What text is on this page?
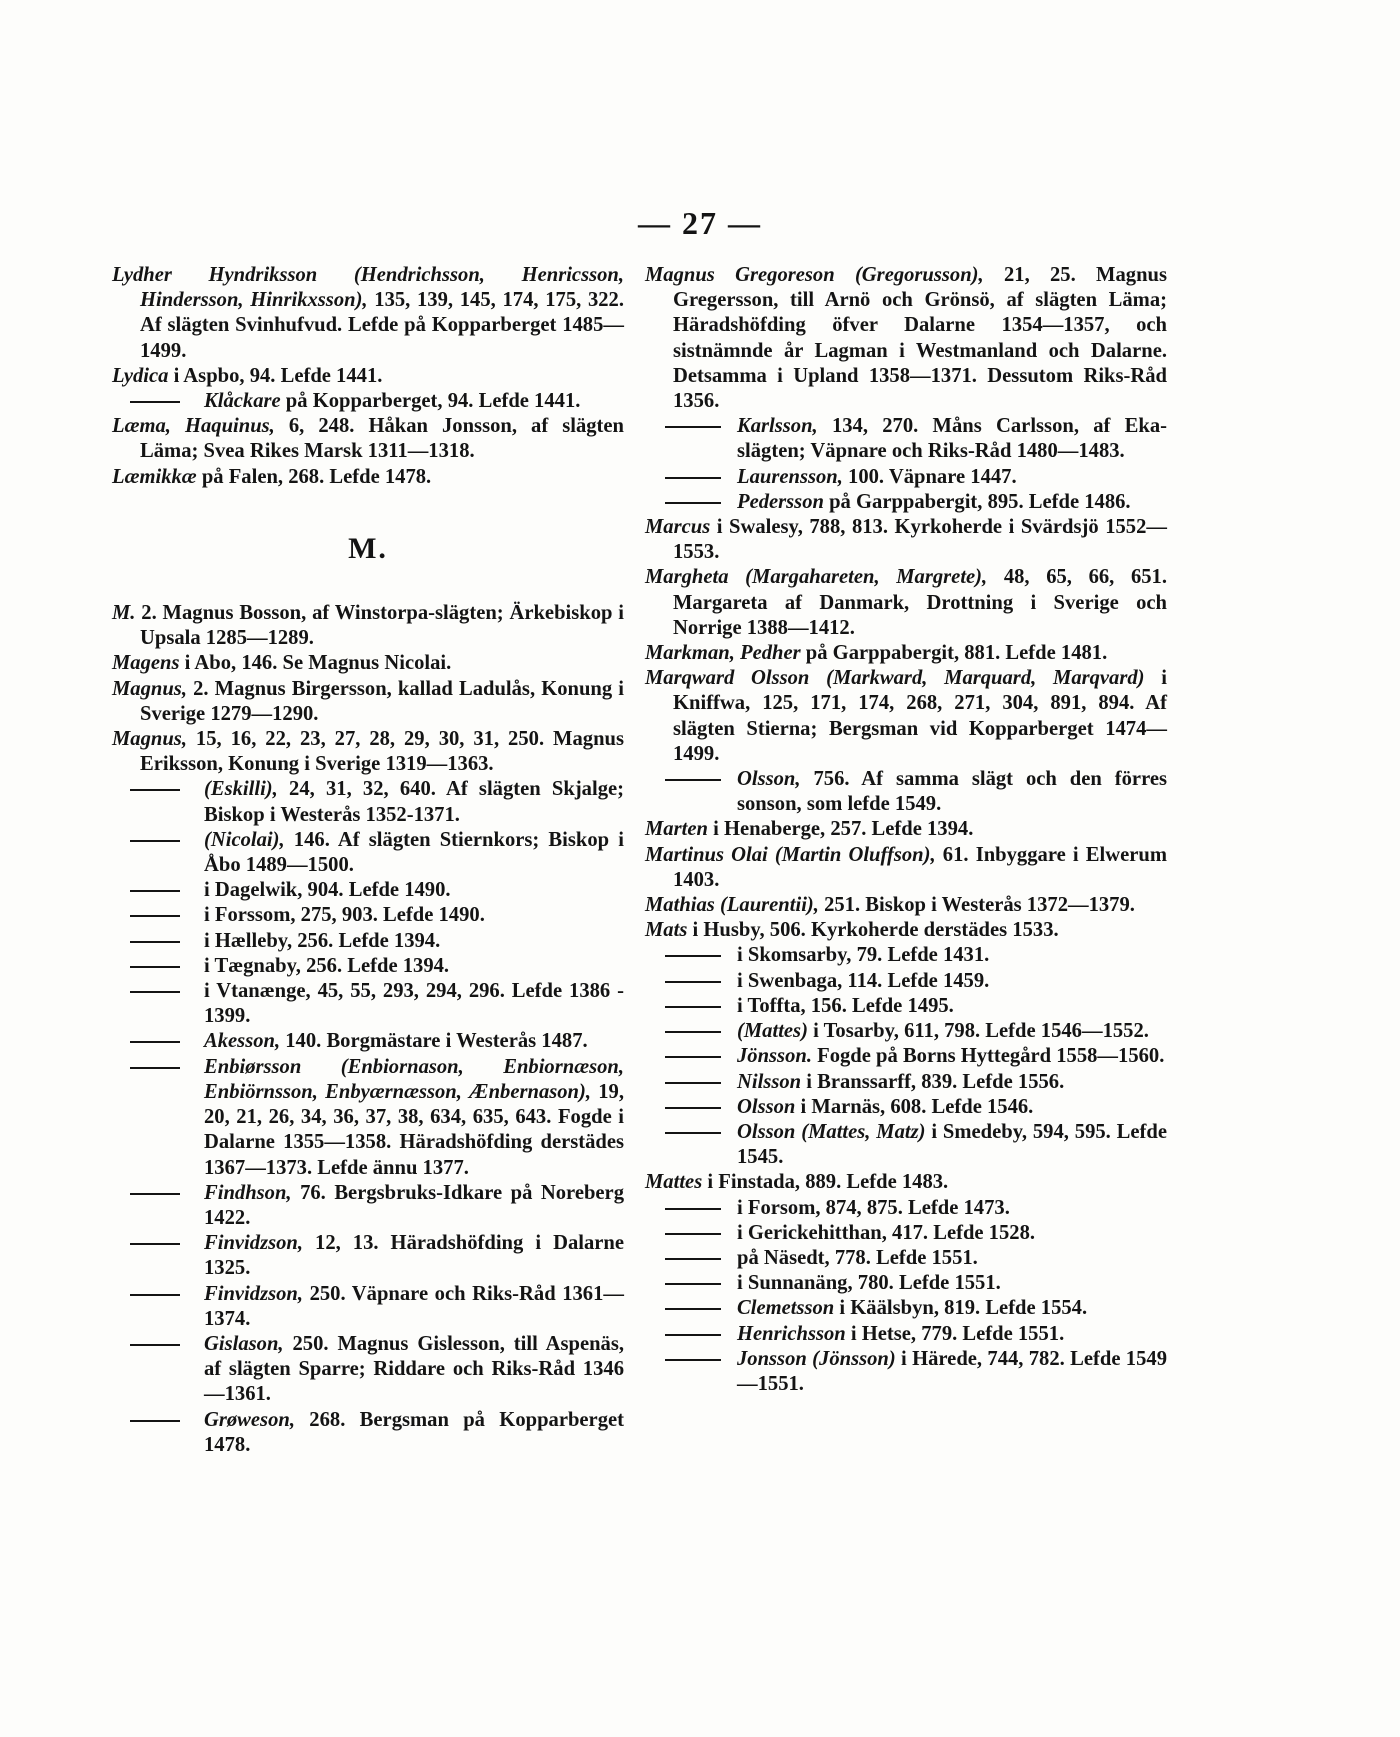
— 27 —
Lydher Hyndriksson (Hendrichsson, Henricsson, Hindersson, Hinrikxsson), 135, 139, 145, 174, 175, 322. Af slägten Svinhufvud. Lefde på Kopparberget 1485—1499.
Lydica i Aspbo, 94. Lefde 1441.
Klåckare på Kopparberget, 94. Lefde 1441.
Læma, Haquinus, 6, 248. Håkan Jonsson, af slägten Läma; Svea Rikes Marsk 1311—1318.
Læmikkæ på Falen, 268. Lefde 1478.
M.
M. 2. Magnus Bosson, af Winstorpa-slägten; Ärkebiskop i Upsala 1285—1289.
Magens i Abo, 146. Se Magnus Nicolai.
Magnus, 2. Magnus Birgersson, kallad Ladulås, Konung i Sverige 1279—1290.
Magnus, 15, 16, 22, 23, 27, 28, 29, 30, 31, 250. Magnus Eriksson, Konung i Sverige 1319—1363.
(Eskilli), 24, 31, 32, 640. Af slägten Skjalge; Biskop i Westerås 1352-1371.
(Nicolai), 146. Af slägten Stiernkors; Biskop i Åbo 1489—1500.
i Dagelwik, 904. Lefde 1490.
i Forssom, 275, 903. Lefde 1490.
i Hælleby, 256. Lefde 1394.
i Tægnaby, 256. Lefde 1394.
i Vtanænge, 45, 55, 293, 294, 296. Lefde 1386 - 1399.
Akesson, 140. Borgmästare i Westerås 1487.
Enbiørsson (Enbiornason, Enbiornæson, Enbiörnsson, Enbyærnæsson, Ænbernason), 19, 20, 21, 26, 34, 36, 37, 38, 634, 635, 643. Fogde i Dalarne 1355—1358. Häradshöfding derstädes 1367—1373. Lefde ännu 1377.
Findhson, 76. Bergsbruks-Idkare på Noreberg 1422.
Finvidzson, 12, 13. Häradshöfding i Dalarne 1325.
Finvidzson, 250. Väpnare och Riks-Råd 1361—1374.
Gislason, 250. Magnus Gislesson, till Aspenäs, af slägten Sparre; Riddare och Riks-Råd 1346—1361.
Grøweson, 268. Bergsman på Kopparberget 1478.
Magnus Gregoreson (Gregorusson), 21, 25. Magnus Gregersson, till Arnö och Grönsö, af slägten Läma; Häradshöfding öfver Dalarne 1354—1357, och sistnämnde år Lagman i Westmanland och Dalarne. Detsamma i Upland 1358—1371. Dessutom Riks-Råd 1356.
Karlsson, 134, 270. Måns Carlsson, af Eka-slägten; Väpnare och Riks-Råd 1480—1483.
Laurensson, 100. Väpnare 1447.
Pedersson på Garppabergit, 895. Lefde 1486.
Marcus i Swalesy, 788, 813. Kyrkoherde i Svärdsjö 1552—1553.
Margheta (Margahareten, Margrete), 48, 65, 66, 651. Margareta af Danmark, Drottning i Sverige och Norrige 1388—1412.
Markman, Pedher på Garppabergit, 881. Lefde 1481.
Marqward Olsson (Markward, Marquard, Marqvard) i Kniffwa, 125, 171, 174, 268, 271, 304, 891, 894. Af slägten Stierna; Bergsman vid Kopparberget 1474—1499.
Olsson, 756. Af samma slägt och den förres sonson, som lefde 1549.
Marten i Henaberge, 257. Lefde 1394.
Martinus Olai (Martin Oluffson), 61. Inbyggare i Elwerum 1403.
Mathias (Laurentii), 251. Biskop i Westerås 1372—1379.
Mats i Husby, 506. Kyrkoherde derstädes 1533.
i Skomsarby, 79. Lefde 1431.
i Swenbaga, 114. Lefde 1459.
i Toffta, 156. Lefde 1495.
(Mattes) i Tosarby, 611, 798. Lefde 1546—1552.
Jönsson. Fogde på Borns Hyttegård 1558—1560.
Nilsson i Branssarff, 839. Lefde 1556.
Olsson i Marnäs, 608. Lefde 1546.
Olsson (Mattes, Matz) i Smedeby, 594, 595. Lefde 1545.
Mattes i Finstada, 889. Lefde 1483.
i Forsom, 874, 875. Lefde 1473.
i Gerickehitthan, 417. Lefde 1528.
på Näsedt, 778. Lefde 1551.
i Sunnanäng, 780. Lefde 1551.
Clemetsson i Käälsbyn, 819. Lefde 1554.
Henrichsson i Hetse, 779. Lefde 1551.
Jonsson (Jönsson) i Härede, 744, 782. Lefde 1549—1551.
